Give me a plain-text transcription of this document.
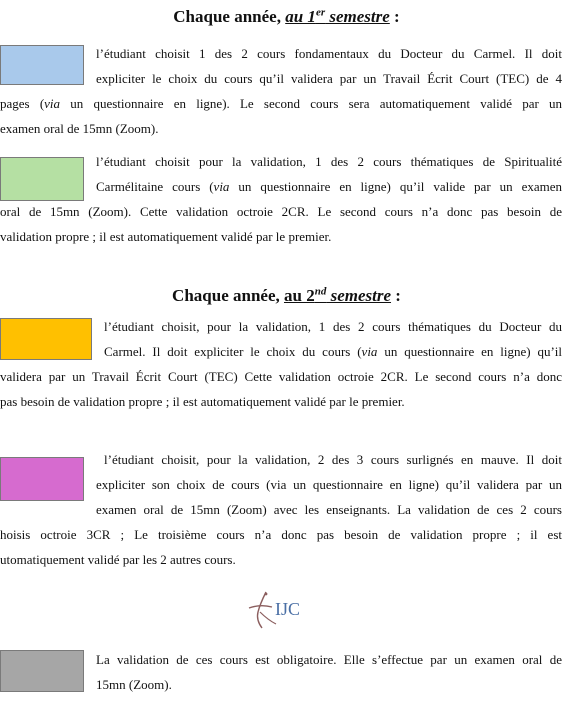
Chaque année, au 1er semestre :
l’étudiant choisit 1 des 2 cours fondamentaux du Docteur du Carmel. Il doit
expliciter le choix du cours qu’il validera par un Travail Écrit Court (TEC) de 4
pages (via un questionnaire en ligne). Le second cours sera automatiquement validé par un
examen oral de 15mn (Zoom).
l’étudiant choisit pour la validation, 1 des 2 cours thématiques de Spiritualité
Carmélitaine cours (via un questionnaire en ligne) qu’il valide par un examen
oral de 15mn (Zoom). Cette validation octroie 2CR. Le second cours n’a donc pas besoin de
validation propre ; il est automatiquement validé par le premier.
Chaque année, au 2nd semestre :
l’étudiant choisit, pour la validation, 1 des 2 cours thématiques du Docteur du
Carmel. Il doit expliciter le choix du cours (via un questionnaire en ligne) qu’il
validera par un Travail Écrit Court (TEC) Cette validation octroie 2CR. Le second cours n’a donc
pas besoin de validation propre ; il est automatiquement validé par le premier.
l’étudiant choisit, pour la validation, 2 des 3 cours surlignés en mauve. Il doit
expliciter son choix de cours (via un questionnaire en ligne) qu’il validera par un
examen oral de 15mn (Zoom) avec les enseignants. La validation de ces 2 cours
hoisis octroie 3CR ; Le troisième cours n’a donc pas besoin de validation propre ; il est
utomatiquement validé par les 2 autres cours.
IJC
La validation de ces cours est obligatoire. Elle s’effectue par un examen oral de
15mn (Zoom).
